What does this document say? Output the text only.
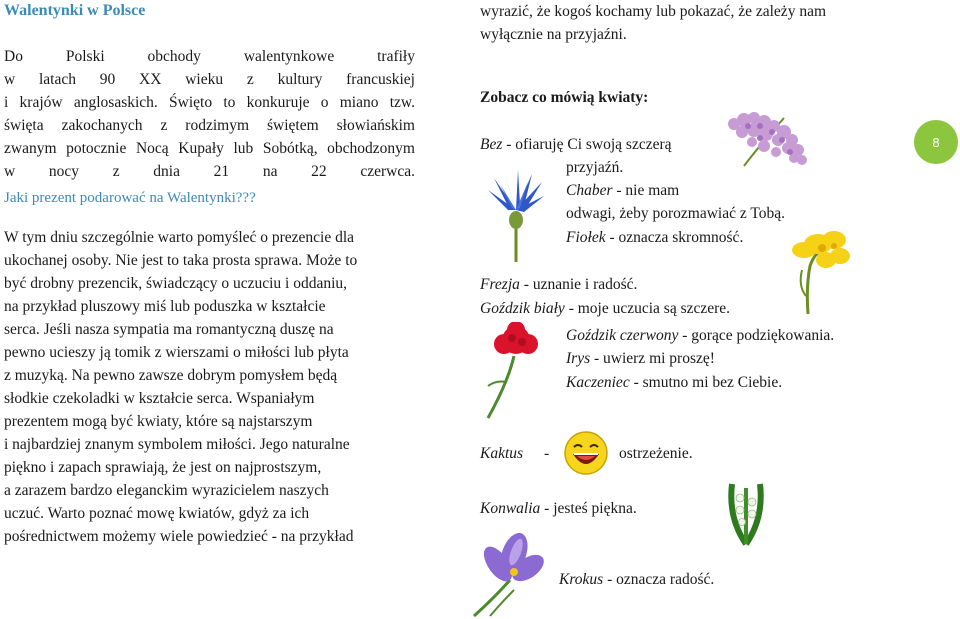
Walentynki w Polsce
Do Polski obchody walentynkowe trafiły
w latach 90 XX wieku z kultury francuskiej
i krajów anglosaskich. Święto to konkuruje o miano tzw.
święta zakochanych z rodzimym świętem słowiańskim
zwanym potocznie Nocą Kupały lub Sobótką, obchodzonym
w nocy z dnia 21 na 22 czerwca.
Jaki prezent podarować na Walentynki???
W tym dniu szczególnie warto pomyśleć o prezencie dla
ukochanej osoby. Nie jest to taka prosta sprawa. Może to
być drobny prezencik, świadczący o uczuciu i oddaniu,
na przykład pluszowy miś lub poduszka w kształcie
serca. Jeśli nasza sympatia ma romantyczną duszę na
pewno ucieszy ją tomik z wierszami o miłości lub płyta
z muzyką. Na pewno zawsze dobrym pomysłem będą
słodkie czekoladki w kształcie serca. Wspaniałym
prezentem mogą być kwiaty, które są najstarszym
i najbardziej znanym symbolem miłości. Jego naturalne
piękno i zapach sprawiają, że jest on najprostszym,
a zarazem bardzo eleganckim wyrazicielem naszych
uczuć. Warto poznać mowę kwiatów, gdyż za ich
pośrednictwem możemy wiele powiedzieć - na przykład
wyrazić, że kogoś kochamy lub pokazać, że zależy nam
wyłącznie na przyjaźni.
Zobacz co mówią kwiaty:
Bez - ofiaruję Ci swoją szczerą
przyjaźń.
Chaber - nie mam
odwagi, żeby porozmawiać z Tobą.
Fiołek - oznacza skromność.
Frezja - uznanie i radość.
Goździk biały - moje uczucia są szczere.
Goździk czerwony - gorące podziękowania.
Irys - uwierz mi proszę!
Kaczeniec - smutno mi bez Ciebie.
Kaktus -	ostrzeżenie.
Konwalia - jesteś piękna.
Krokus - oznacza radość.
8
